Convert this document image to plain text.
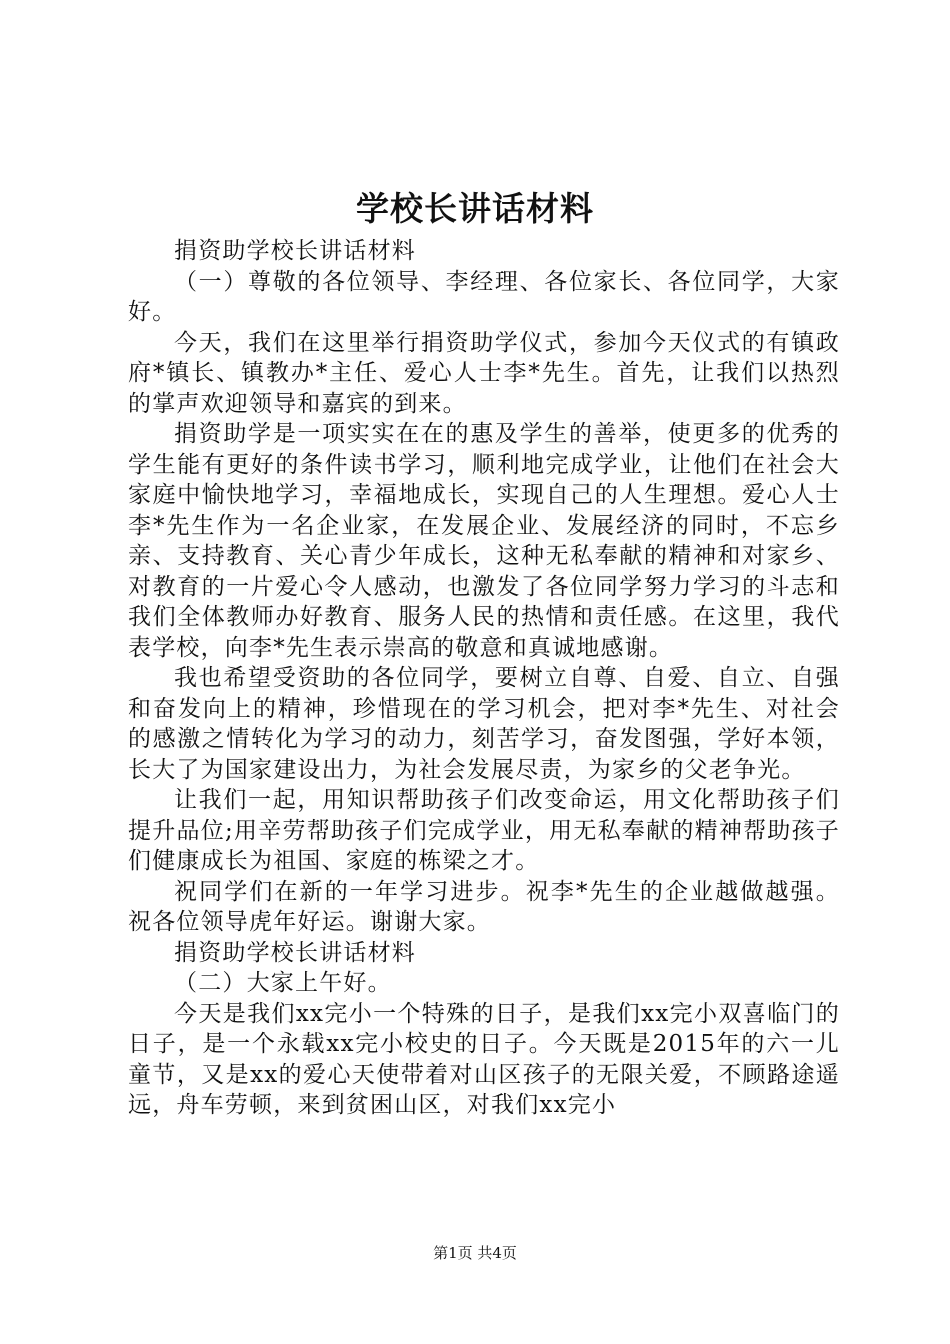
学校长讲话材料

捐资助学校长讲话材料

（一）尊敬的各位领导、李经理、各位家长、各位同学，大家好。

今天，我们在这里举行捐资助学仪式，参加今天仪式的有镇政府*镇长、镇教办*主任、爱心人士李*先生。首先，让我们以热烈的掌声欢迎领导和嘉宾的到来。

捐资助学是一项实实在在的惠及学生的善举，使更多的优秀的学生能有更好的条件读书学习，顺利地完成学业，让他们在社会大家庭中愉快地学习，幸福地成长，实现自己的人生理想。爱心人士李*先生作为一名企业家，在发展企业、发展经济的同时，不忘乡亲、支持教育、关心青少年成长，这种无私奉献的精神和对家乡、对教育的一片爱心令人感动，也激发了各位同学努力学习的斗志和我们全体教师办好教育、服务人民的热情和责任感。在这里，我代表学校，向李*先生表示崇高的敬意和真诚地感谢。

我也希望受资助的各位同学，要树立自尊、自爱、自立、自强和奋发向上的精神，珍惜现在的学习机会，把对李*先生、对社会的感激之情转化为学习的动力，刻苦学习，奋发图强，学好本领，长大了为国家建设出力，为社会发展尽责，为家乡的父老争光。

让我们一起，用知识帮助孩子们改变命运，用文化帮助孩子们提升品位;用辛劳帮助孩子们完成学业，用无私奉献的精神帮助孩子们健康成长为祖国、家庭的栋梁之才。

祝同学们在新的一年学习进步。祝李*先生的企业越做越强。祝各位领导虎年好运。谢谢大家。

捐资助学校长讲话材料

（二）大家上午好。

今天是我们xx完小一个特殊的日子，是我们xx完小双喜临门的日子，是一个永载xx完小校史的日子。今天既是2015年的六一儿童节，又是xx的爱心天使带着对山区孩子的无限关爱，不顾路途遥远，舟车劳顿，来到贫困山区，对我们xx完小

第1页 共4页
